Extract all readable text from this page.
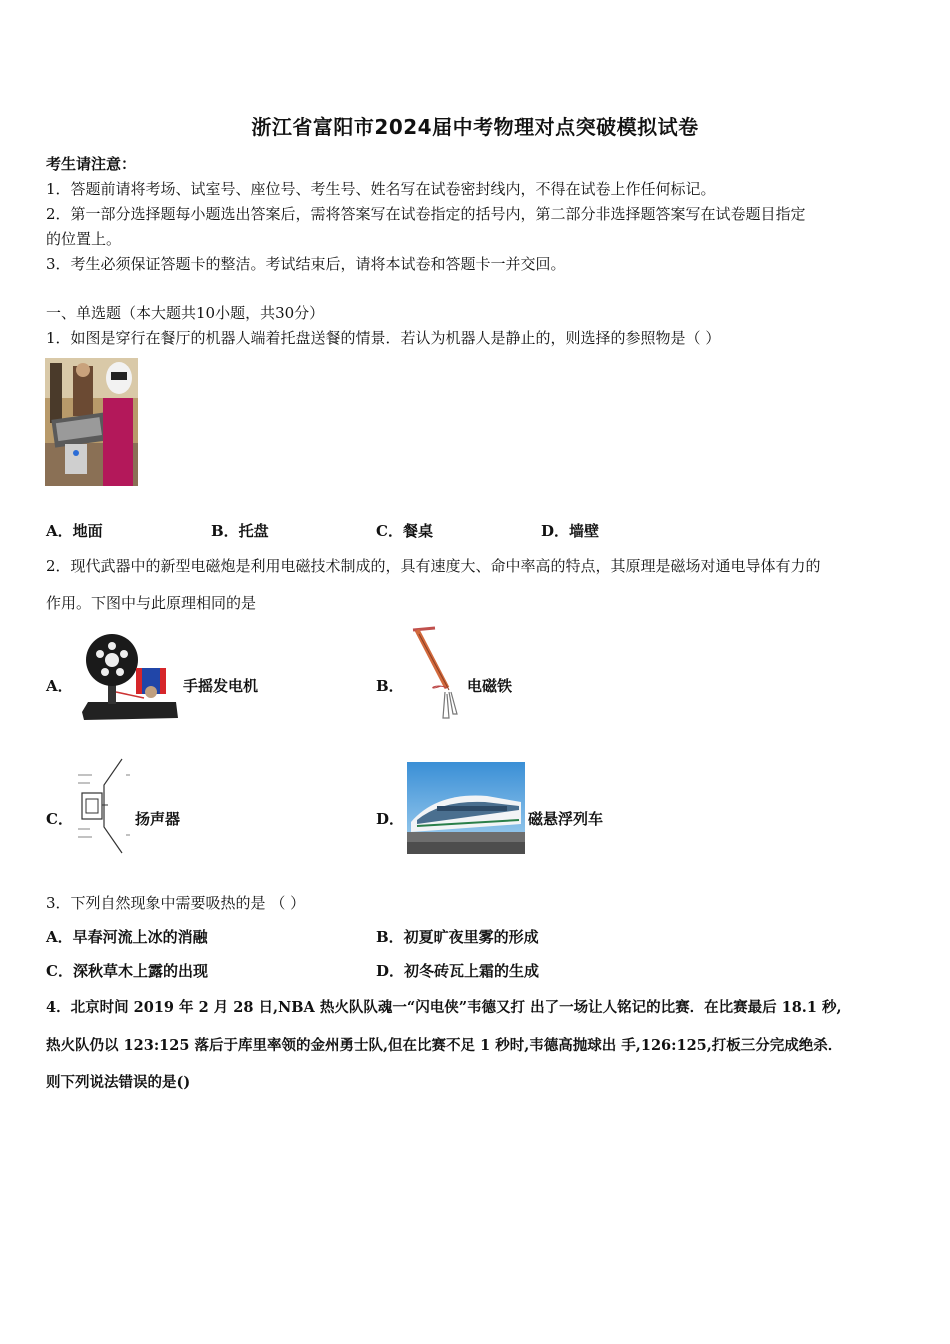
浙江省富阳市2024届中考物理对点突破模拟试卷
考生请注意：
1．答题前请将考场、试室号、座位号、考生号、姓名写在试卷密封线内，不得在试卷上作任何标记。
2．第一部分选择题每小题选出答案后，需将答案写在试卷指定的括号内，第二部分非选择题答案写在试卷题目指定
的位置上。
3．考生必须保证答题卡的整洁。考试结束后，请将本试卷和答题卡一并交回。
一、单选题（本大题共10小题，共30分）
1．如图是穿行在餐厅的机器人端着托盘送餐的情景．若认为机器人是静止的，则选择的参照物是（ ）
A．地面	B．托盘	C．餐桌	D．墙壁
2．现代武器中的新型电磁炮是利用电磁技术制成的，具有速度大、命中率高的特点，其原理是磁场对通电导体有力的
作用。下图中与此原理相同的是
A．	手摇发电机	B．	电磁铁
C．	扬声器	D．	磁悬浮列车
3．下列自然现象中需要吸热的是 （ ）
A．早春河流上冰的消融	B．初夏旷夜里雾的形成
C．深秋草木上露的出现	D．初冬砖瓦上霜的生成
4．北京时间 2019 年 2 月 28 日,NBA 热火队队魂一“闪电侠”韦德又打 出了一场让人铭记的比赛．在比赛最后 18.1 秒,
热火队仍以 123:125 落后于库里率领的金州勇士队,但在比赛不足 1 秒时,韦德高抛球出 手,126:125,打板三分完成绝杀．
则下列说法错误的是()
